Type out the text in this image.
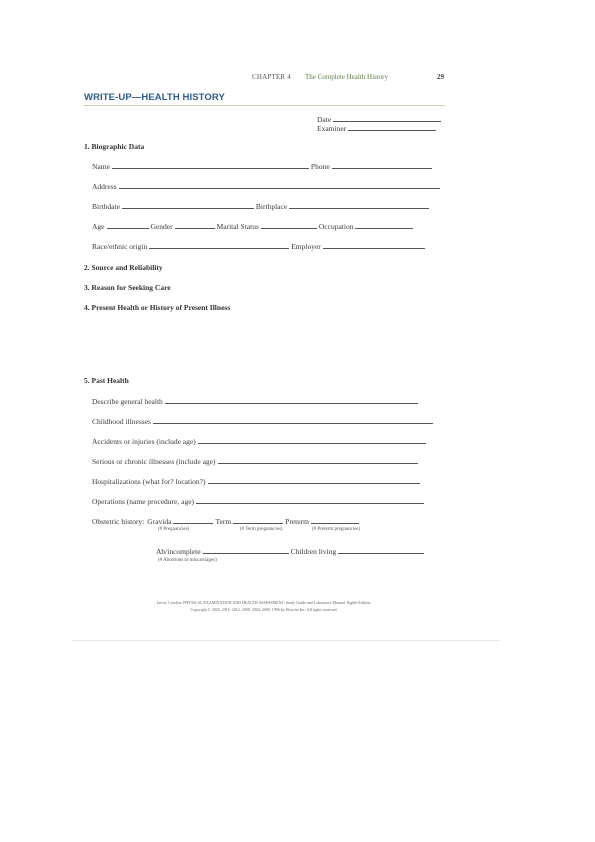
CHAPTER 4 The Complete Health History	29
WRITE-UP—HEALTH HISTORY
Date
Examiner
1. Biographic Data
Name	Phone
Address
Birthdate	Birthplace
Age	Gender	Marital Status	Occupation
Race/ethnic origin	Employer
2. Source and Reliability
3. Reason for Seeking Care
4. Present Health or History of Present Illness
5. Past Health
Describe general health
Childhood illnesses
Accidents or injuries (include age)
Serious or chronic illnesses (include age)
Hospitalizations (what for? location?)
Operations (name procedure, age)
Obstetric history: Gravida	Term	Preterm
(# Pregnancies)	(# Term pregnancies)	(# Preterm pregnancies)
Ab/incomplete	Children living
(# Abortions or miscarriages)
Jarvis, Carolyn: PHYSICAL EXAMINATION AND HEALTH ASSESSMENT: Study Guide and Laboratory Manual, Eighth Edition.
Copyright © 2020, 2016, 2012, 2008, 2004, 2000, 1996 by Elsevier Inc. All rights reserved.
